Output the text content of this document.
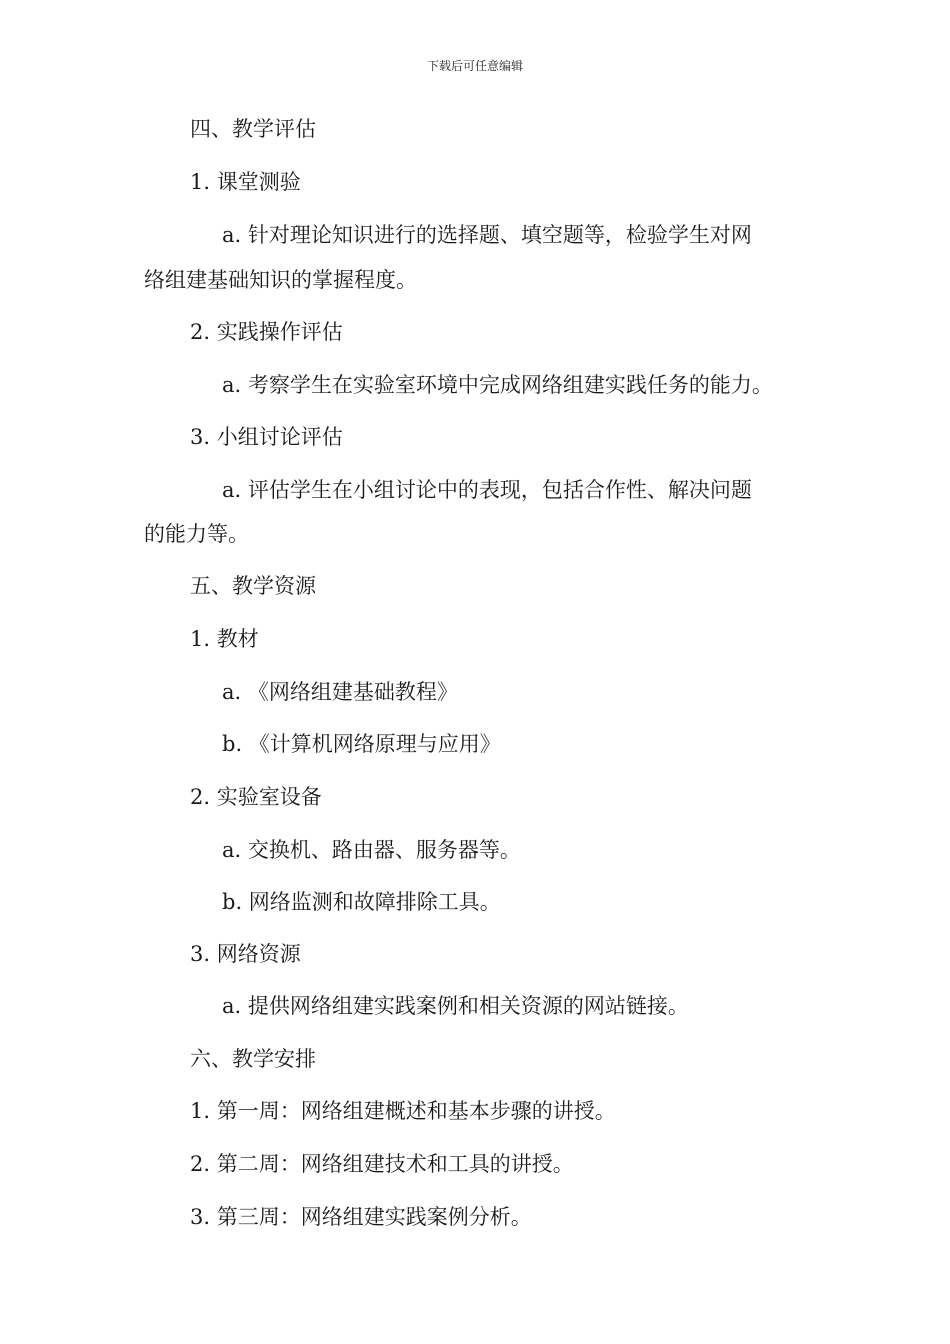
下载后可任意编辑
四、教学评估
1. 课堂测验
a. 针对理论知识进行的选择题、填空题等，检验学生对网
络组建基础知识的掌握程度。
2. 实践操作评估
a. 考察学生在实验室环境中完成网络组建实践任务的能力。
3. 小组讨论评估
a. 评估学生在小组讨论中的表现，包括合作性、解决问题
的能力等。
五、教学资源
1. 教材
a. 《网络组建基础教程》
b. 《计算机网络原理与应用》
2. 实验室设备
a. 交换机、路由器、服务器等。
b. 网络监测和故障排除工具。
3. 网络资源
a. 提供网络组建实践案例和相关资源的网站链接。
六、教学安排
1. 第一周：网络组建概述和基本步骤的讲授。
2. 第二周：网络组建技术和工具的讲授。
3. 第三周：网络组建实践案例分析。
